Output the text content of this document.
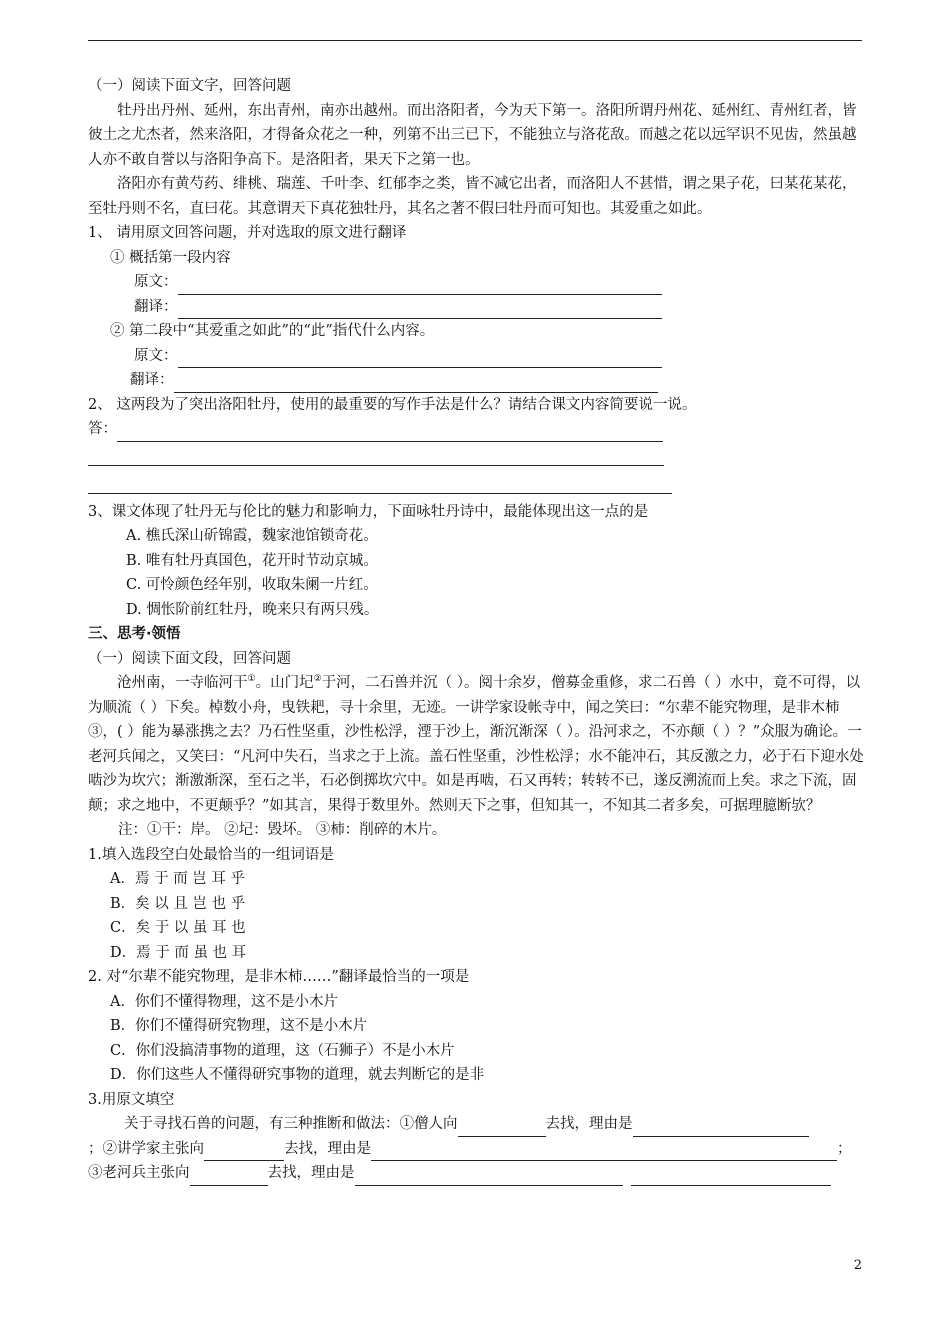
（一）阅读下面文字，回答问题

牡丹出丹州、延州，东出青州，南亦出越州。而出洛阳者，今为天下第一。洛阳所谓丹州花、延州红、青州红者，皆彼土之尤杰者，然来洛阳，才得备众花之一种，列第不出三已下，不能独立与洛花敌。而越之花以远罕识不见齿，然虽越人亦不敢自誉以与洛阳争高下。是洛阳者，果天下之第一也。

洛阳亦有黄芍药、绯桃、瑞莲、千叶李、红郁李之类，皆不减它出者，而洛阳人不甚惜，谓之果子花，曰某花某花，至牡丹则不名，直曰花。其意谓天下真花独牡丹，其名之著不假曰牡丹而可知也。其爱重之如此。

1、 请用原文回答问题，并对选取的原文进行翻译

① 概括第一段内容

原文：

翻译：

② 第二段中“其爱重之如此”的“此”指代什么内容。

原文：

翻译：

2、 这两段为了突出洛阳牡丹，使用的最重要的写作手法是什么？请结合课文内容简要说一说。

答：

3、课文体现了牡丹无与伦比的魅力和影响力，下面咏牡丹诗中，最能体现出这一点的是

A. 樵氏深山斫锦霞，魏家池馆锁奇花。

B. 唯有牡丹真国色，花开时节动京城。

C. 可怜颜色经年别，收取朱阑一片红。

D. 惆怅阶前红牡丹，晚来只有两只残。

三、思考·领悟

（一）阅读下面文段，回答问题

沧州南，一寺临河干①。山门圮②于河，二石兽并沉（ ）。阅十余岁，僧募金重修，求二石兽（ ）水中，竟不可得，以为顺流（ ）下矣。棹数小舟，曳铁耙，寻十余里，无迹。一讲学家设帐寺中，闻之笑曰：“尔辈不能究物理，是非木柿③，( ）能为暴涨携之去？乃石性坚重，沙性松浮，湮于沙上，渐沉渐深（ ）。沿河求之，不亦颠（ ）？”众服为确论。一老河兵闻之，又笑曰：“凡河中失石，当求之于上流。盖石性坚重，沙性松浮；水不能冲石，其反激之力，必于石下迎水处啮沙为坎穴；渐激渐深，至石之半，石必倒掷坎穴中。如是再啮，石又再转；转转不已，遂反溯流而上矣。求之下流，固颠；求之地中，不更颠乎？”如其言，果得于数里外。然则天下之事，但知其一，不知其二者多矣，可据理臆断欤？

注：①干：岸。 ②圮：毁坏。 ③柿：削碎的木片。

1.填入选段空白处最恰当的一组词语是

A．焉 于 而 岂 耳 乎

B．矣 以 且 岂 也 乎

C．矣 于 以 虽 耳 也

D．焉 于 而 虽 也 耳

2. 对“尔辈不能究物理，是非木柿……”翻译最恰当的一项是

A．你们不懂得物理，这不是小木片

B．你们不懂得研究物理，这不是小木片

C．你们没搞清事物的道理，这（石狮子）不是小木片

D．你们这些人不懂得研究事物的道理，就去判断它的是非

3.用原文填空

关于寻找石兽的问题，有三种推断和做法：①僧人向	去找，理由是

；②讲学家主张向	去找，理由是	；

③老河兵主张向	去找，理由是

2
